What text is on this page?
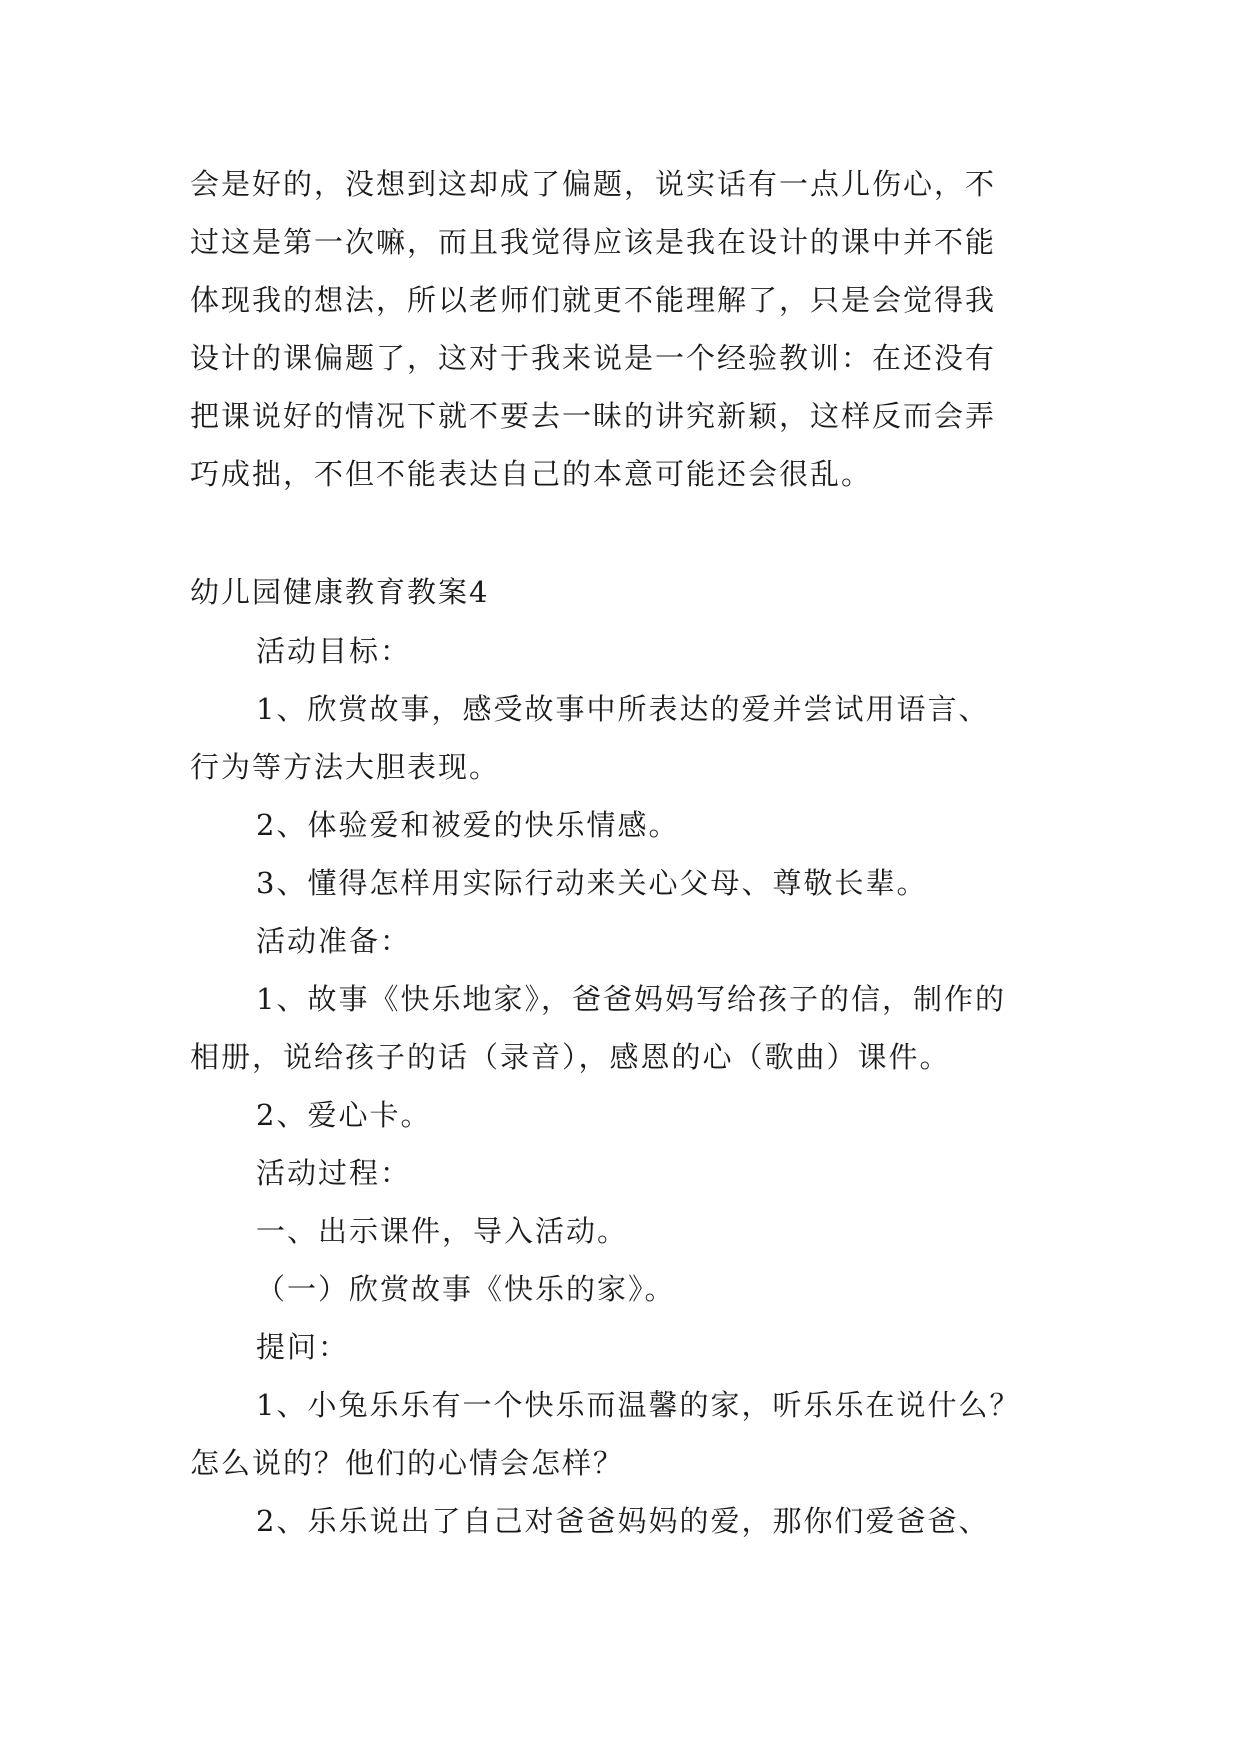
会是好的，没想到这却成了偏题，说实话有一点儿伤心，不
过这是第一次嘛，而且我觉得应该是我在设计的课中并不能
体现我的想法，所以老师们就更不能理解了，只是会觉得我
设计的课偏题了，这对于我来说是一个经验教训：在还没有
把课说好的情况下就不要去一昧的讲究新颖，这样反而会弄
巧成拙，不但不能表达自己的本意可能还会很乱。
幼儿园健康教育教案4
活动目标：
1、欣赏故事，感受故事中所表达的爱并尝试用语言、
行为等方法大胆表现。
2、体验爱和被爱的快乐情感。
3、懂得怎样用实际行动来关心父母、尊敬长辈。
活动准备：
1、故事《快乐地家》，爸爸妈妈写给孩子的信，制作的
相册，说给孩子的话（录音），感恩的心（歌曲）课件。
2、爱心卡。
活动过程：
一、出示课件，导入活动。
（一）欣赏故事《快乐的家》。
提问：
1、小兔乐乐有一个快乐而温馨的家，听乐乐在说什么？
怎么说的？他们的心情会怎样？
2、乐乐说出了自己对爸爸妈妈的爱，那你们爱爸爸、
